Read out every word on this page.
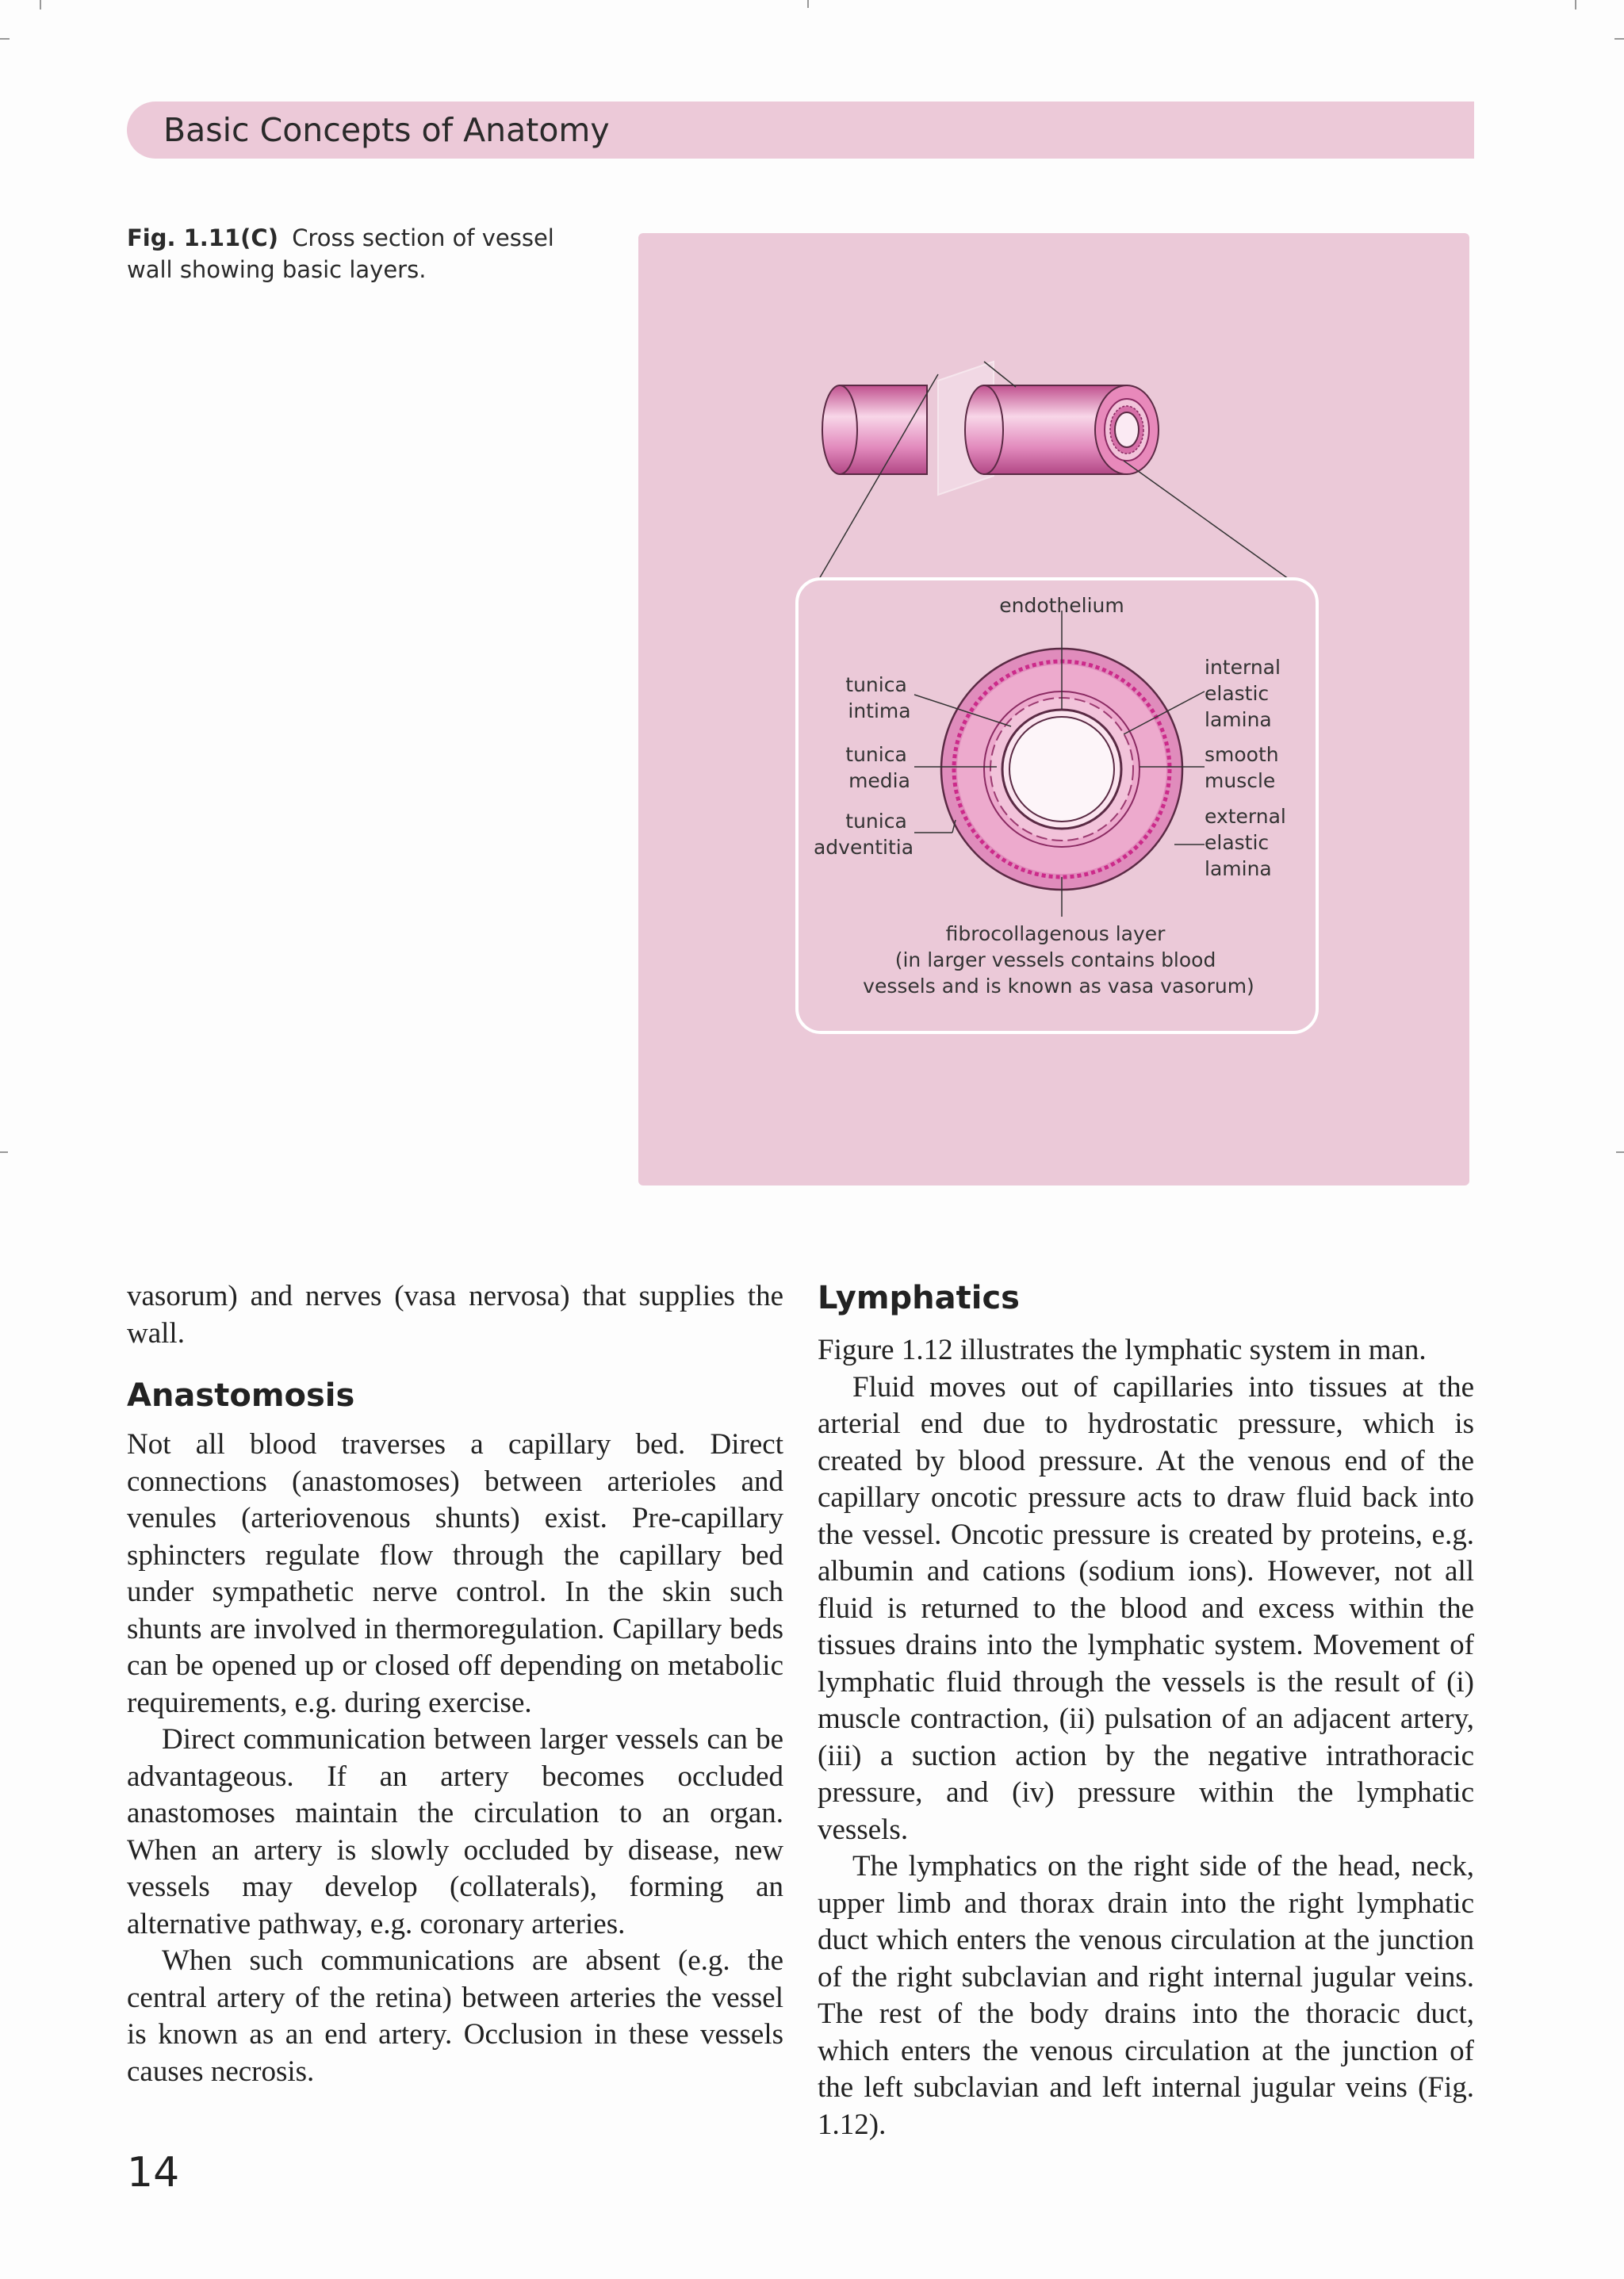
Basic Concepts of Anatomy
Fig. 1.11(C) Cross section of vessel wall showing basic layers.
endothelium
tunica intima
tunica media
tunica adventitia
internal elastic lamina
smooth muscle
external elastic lamina
fibrocollagenous layer (in larger vessels contains blood vessels and is known as vasa vasorum)

vasorum) and nerves (vasa nervosa) that supplies the wall.

Anastomosis

Not all blood traverses a capillary bed. Direct connections (anastomoses) between arterioles and venules (arteriovenous shunts) exist. Pre-capillary sphincters regulate flow through the capillary bed under sympathetic nerve control. In the skin such shunts are involved in thermoregulation. Capillary beds can be opened up or closed off depending on metabolic requirements, e.g. during exercise.

Direct communication between larger vessels can be advantageous. If an artery becomes occluded anastomoses maintain the circulation to an organ. When an artery is slowly occluded by disease, new vessels may develop (collaterals), forming an alternative pathway, e.g. coronary arteries.

When such communications are absent (e.g. the central artery of the retina) between arteries the vessel is known as an end artery. Occlusion in these vessels causes necrosis.

Lymphatics

Figure 1.12 illustrates the lymphatic system in man.

Fluid moves out of capillaries into tissues at the arterial end due to hydrostatic pressure, which is created by blood pressure. At the venous end of the capillary oncotic pressure acts to draw fluid back into the vessel. Oncotic pressure is created by proteins, e.g. albumin and cations (sodium ions). However, not all fluid is returned to the blood and excess within the tissues drains into the lymphatic system. Movement of lymphatic fluid through the vessels is the result of (i) muscle contraction, (ii) pulsation of an adjacent artery, (iii) a suction action by the negative intrathoracic pressure, and (iv) pressure within the lymphatic vessels.

The lymphatics on the right side of the head, neck, upper limb and thorax drain into the right lymphatic duct which enters the venous circulation at the junction of the right subclavian and right internal jugular veins. The rest of the body drains into the thoracic duct, which enters the venous circulation at the junction of the left subclavian and left internal jugular veins (Fig. 1.12).

14
